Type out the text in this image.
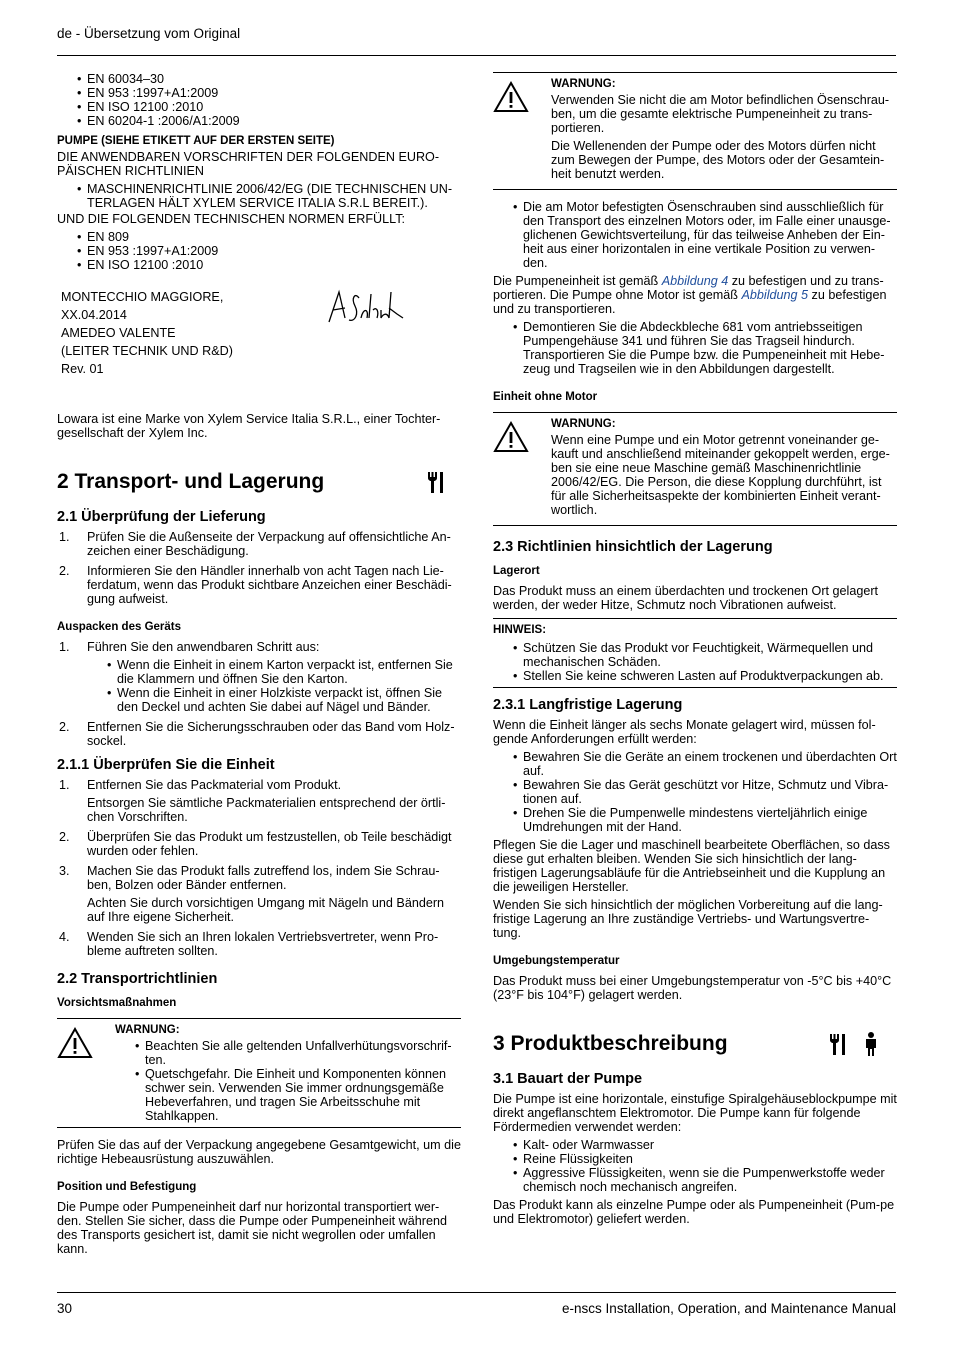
de - Übersetzung vom Original
• EN 60034–30
• EN 953 :1997+A1:2009
• EN ISO 12100 :2010
• EN 60204-1 :2006/A1:2009
PUMPE (SIEHE ETIKETT AUF DER ERSTEN SEITE)

DIE ANWENDBAREN VORSCHRIFTEN DER FOLGENDEN EURO-PÄISCHEN RICHTLINIEN

• MASCHINENRICHTLINIE 2006/42/EG (DIE TECHNISCHEN UN-TERLAGEN HÄLT XYLEM SERVICE ITALIA S.R.L BEREIT.).

UND DIE FOLGENDEN TECHNISCHEN NORMEN ERFÜLLT:

• EN 809
• EN 953 :1997+A1:2009
• EN ISO 12100 :2010
MONTECCHIO MAGGIORE,
XX.04.2014
AMEDEO VALENTE
(LEITER TECHNIK UND R&D)
Rev. 01

Lowara ist eine Marke von Xylem Service Italia S.R.L., einer Tochter-gesellschaft der Xylem Inc.

2 Transport- und Lagerung
2.1 Überprüfung der Lieferung
1. Prüfen Sie die Außenseite der Verpackung auf offensichtliche An-zeichen einer Beschädigung.
2. Informieren Sie den Händler innerhalb von acht Tagen nach Lie-ferdatum, wenn das Produkt sichtbare Anzeichen einer Beschädi-gung aufweist.
Auspacken des Geräts
1. Führen Sie den anwendbaren Schritt aus:
• Wenn die Einheit in einem Karton verpackt ist, entfernen Sie die Klammern und öffnen Sie den Karton.
• Wenn die Einheit in einer Holzkiste verpackt ist, öffnen Sie den Deckel und achten Sie dabei auf Nägel und Bänder.
2. Entfernen Sie die Sicherungsschrauben oder das Band vom Holz-sockel.
2.1.1 Überprüfen Sie die Einheit
1. Entfernen Sie das Packmaterial vom Produkt.

Entsorgen Sie sämtliche Packmaterialien entsprechend der örtli-chen Vorschriften.

2. Überprüfen Sie das Produkt um festzustellen, ob Teile beschädigt wurden oder fehlen.

3. Machen Sie das Produkt falls zutreffend los, indem Sie Schrau-ben, Bolzen oder Bänder entfernen.

Achten Sie durch vorsichtigen Umgang mit Nägeln und Bändern auf Ihre eigene Sicherheit.

4. Wenden Sie sich an Ihren lokalen Vertriebsvertreter, wenn Pro-bleme auftreten sollten.

2.2 Transportrichtlinien
Vorsichtsmaßnahmen
WARNUNG:
• Beachten Sie alle geltenden Unfallverhütungsvorschrif-ten.
• Quetschgefahr. Die Einheit und Komponenten können schwer sein. Verwenden Sie immer ordnungsgemäße Hebeverfahren, und tragen Sie Arbeitsschuhe mit Stahlkappen.

Prüfen Sie das auf der Verpackung angegebene Gesamtgewicht, um die richtige Hebeausrüstung auszuwählen.

Position und Befestigung

Die Pumpe oder Pumpeneinheit darf nur horizontal transportiert wer-den. Stellen Sie sicher, dass die Pumpe oder Pumpeneinheit während des Transports gesichert ist, damit sie nicht wegrollen oder umfallen kann.

WARNUNG:

Verwenden Sie nicht die am Motor befindlichen Ösenschrau-ben, um die gesamte elektrische Pumpeneinheit zu trans-portieren.

Die Wellenenden der Pumpe oder des Motors dürfen nicht zum Bewegen der Pumpe, des Motors oder der Gesamtein-heit benutzt werden.

• Die am Motor befestigten Ösenschrauben sind ausschließlich für den Transport des einzelnen Motors oder, im Falle einer unausge-glichenen Gewichtsverteilung, für das teilweise Anheben der Ein-heit aus einer horizontalen in eine vertikale Position zu verwen-den.

Die Pumpeneinheit ist gemäß Abbildung 4 zu befestigen und zu trans-portieren. Die Pumpe ohne Motor ist gemäß Abbildung 5 zu befestigen und zu transportieren.

• Demontieren Sie die Abdeckbleche 681 vom antriebsseitigen Pumpengehäuse 341 und führen Sie das Tragseil hindurch. Transportieren Sie die Pumpe bzw. die Pumpeneinheit mit Hebe-zeug und Tragseilen wie in den Abbildungen dargestellt.
Einheit ohne Motor
WARNUNG:

Wenn eine Pumpe und ein Motor getrennt voneinander ge-kauft und anschließend miteinander gekoppelt werden, erge-ben sie eine neue Maschine gemäß Maschinenrichtlinie 2006/42/EG. Die Person, die diese Kopplung durchführt, ist für alle Sicherheitsaspekte der kombinierten Einheit verant-wortlich.

2.3 Richtlinien hinsichtlich der Lagerung
Lagerort

Das Produkt muss an einem überdachten und trockenen Ort gelagert werden, der weder Hitze, Schmutz noch Vibrationen aufweist.

HINWEIS:
• Schützen Sie das Produkt vor Feuchtigkeit, Wärmequellen und mechanischen Schäden.
• Stellen Sie keine schweren Lasten auf Produktverpackungen ab.
2.3.1 Langfristige Lagerung

Wenn die Einheit länger als sechs Monate gelagert wird, müssen fol-gende Anforderungen erfüllt werden:

• Bewahren Sie die Geräte an einem trockenen und überdachten Ort auf.
• Bewahren Sie das Gerät geschützt vor Hitze, Schmutz und Vibra-tionen auf.
• Drehen Sie die Pumpenwelle mindestens vierteljährlich einige Umdrehungen mit der Hand.

Pflegen Sie die Lager und maschinell bearbeitete Oberflächen, so dass diese gut erhalten bleiben. Wenden Sie sich hinsichtlich der lang-fristigen Lagerungsabläufe für die Antriebseinheit und die Kupplung an die jeweiligen Hersteller.

Wenden Sie sich hinsichtlich der möglichen Vorbereitung auf die lang-fristige Lagerung an Ihre zuständige Vertriebs- und Wartungsvertre-tung.

Umgebungstemperatur

Das Produkt muss bei einer Umgebungstemperatur von -5°C bis +40°C (23°F bis 104°F) gelagert werden.

3 Produktbeschreibung
3.1 Bauart der Pumpe

Die Pumpe ist eine horizontale, einstufige Spiralgehäuseblockpumpe mit direkt angeflanschtem Elektromotor. Die Pumpe kann für folgende Fördermedien verwendet werden:

• Kalt- oder Warmwasser
• Reine Flüssigkeiten
• Aggressive Flüssigkeiten, wenn sie die Pumpenwerkstoffe weder chemisch noch mechanisch angreifen.

Das Produkt kann als einzelne Pumpe oder als Pumpeneinheit (Pum-pe und Elektromotor) geliefert werden.

30	e-nscs Installation, Operation, and Maintenance Manual
